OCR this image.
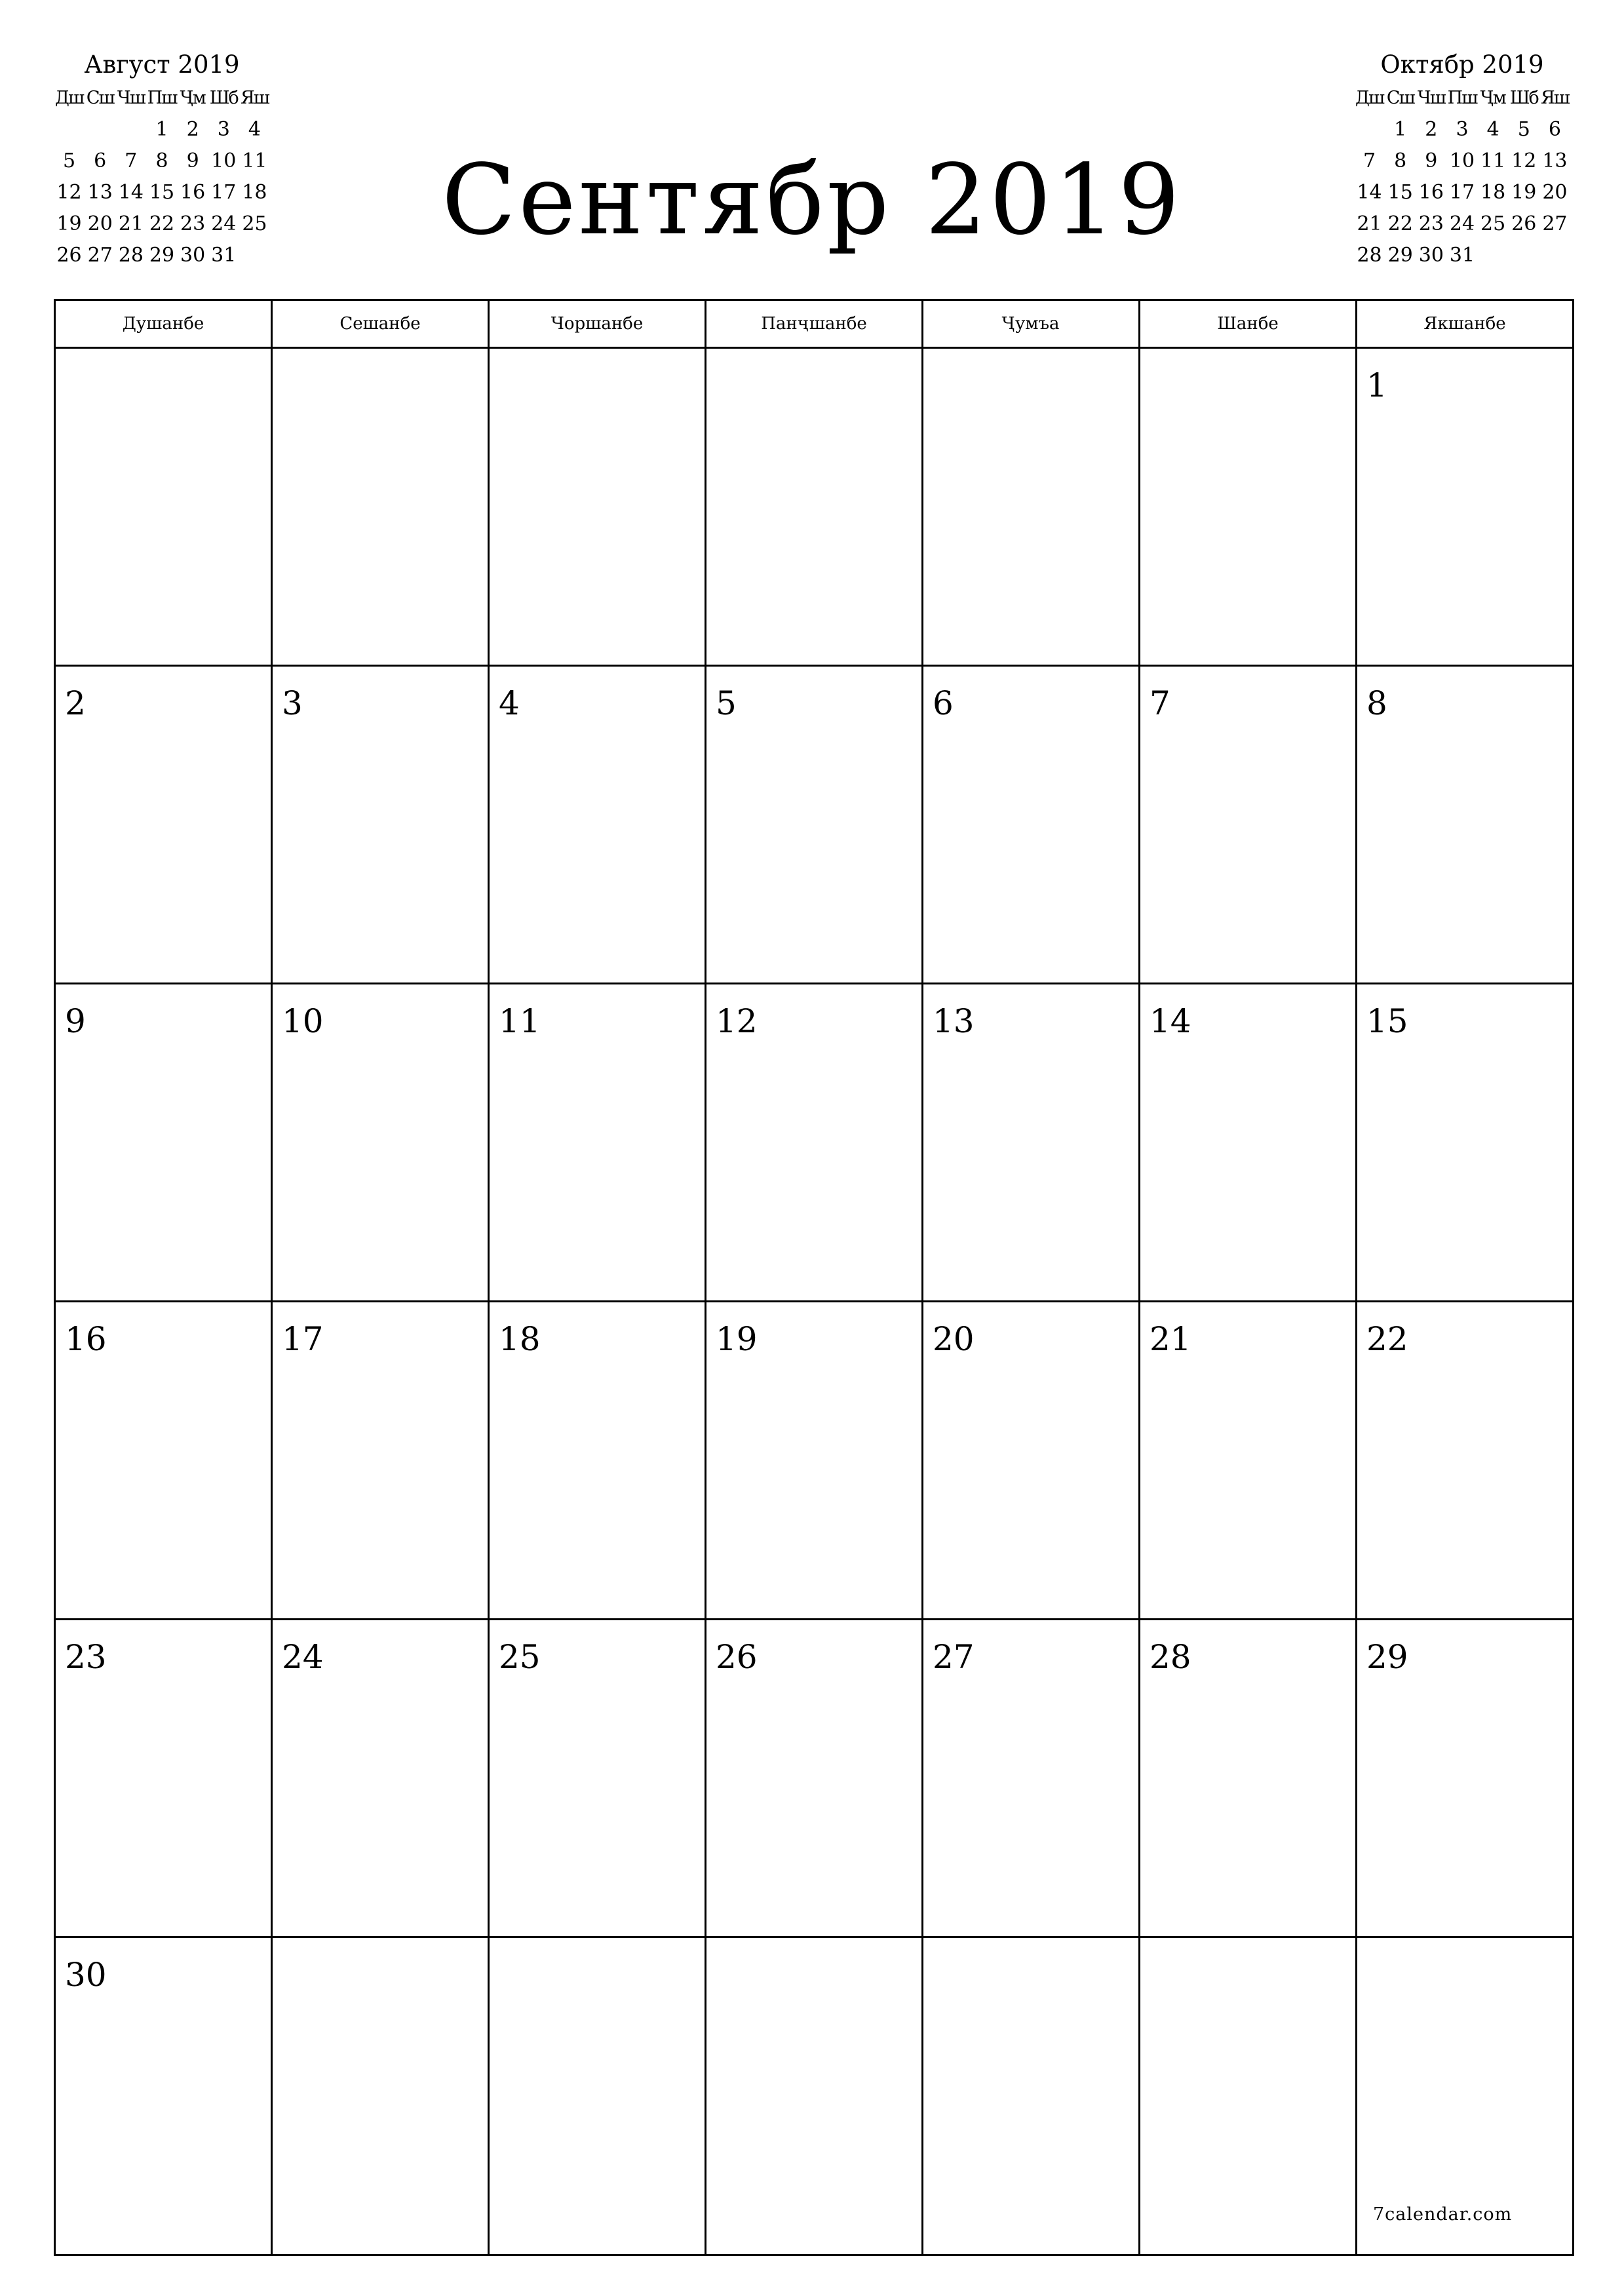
Сентябр 2019
Август 2019
Дш	Сш	Чш	Пш	Ҷм	Шб	Яш
			1	2	3	4
5	6	7	8	9	10	11
12	13	14	15	16	17	18
19	20	21	22	23	24	25
26	27	28	29	30	31	
Октябр 2019
Дш	Сш	Чш	Пш	Ҷм	Шб	Яш
	1	2	3	4	5	6
7	8	9	10	11	12	13
14	15	16	17	18	19	20
21	22	23	24	25	26	27
28	29	30	31			
Душанбе	Сешанбе	Чоршанбе	Панҷшанбе	Ҷумъа	Шанбе	Якшанбе

						1

2	3	4	5	6	7	8

9	10	11	12	13	14	15

16	17	18	19	20	21	22

23	24	25	26	27	28	29

30						

7calendar.com
